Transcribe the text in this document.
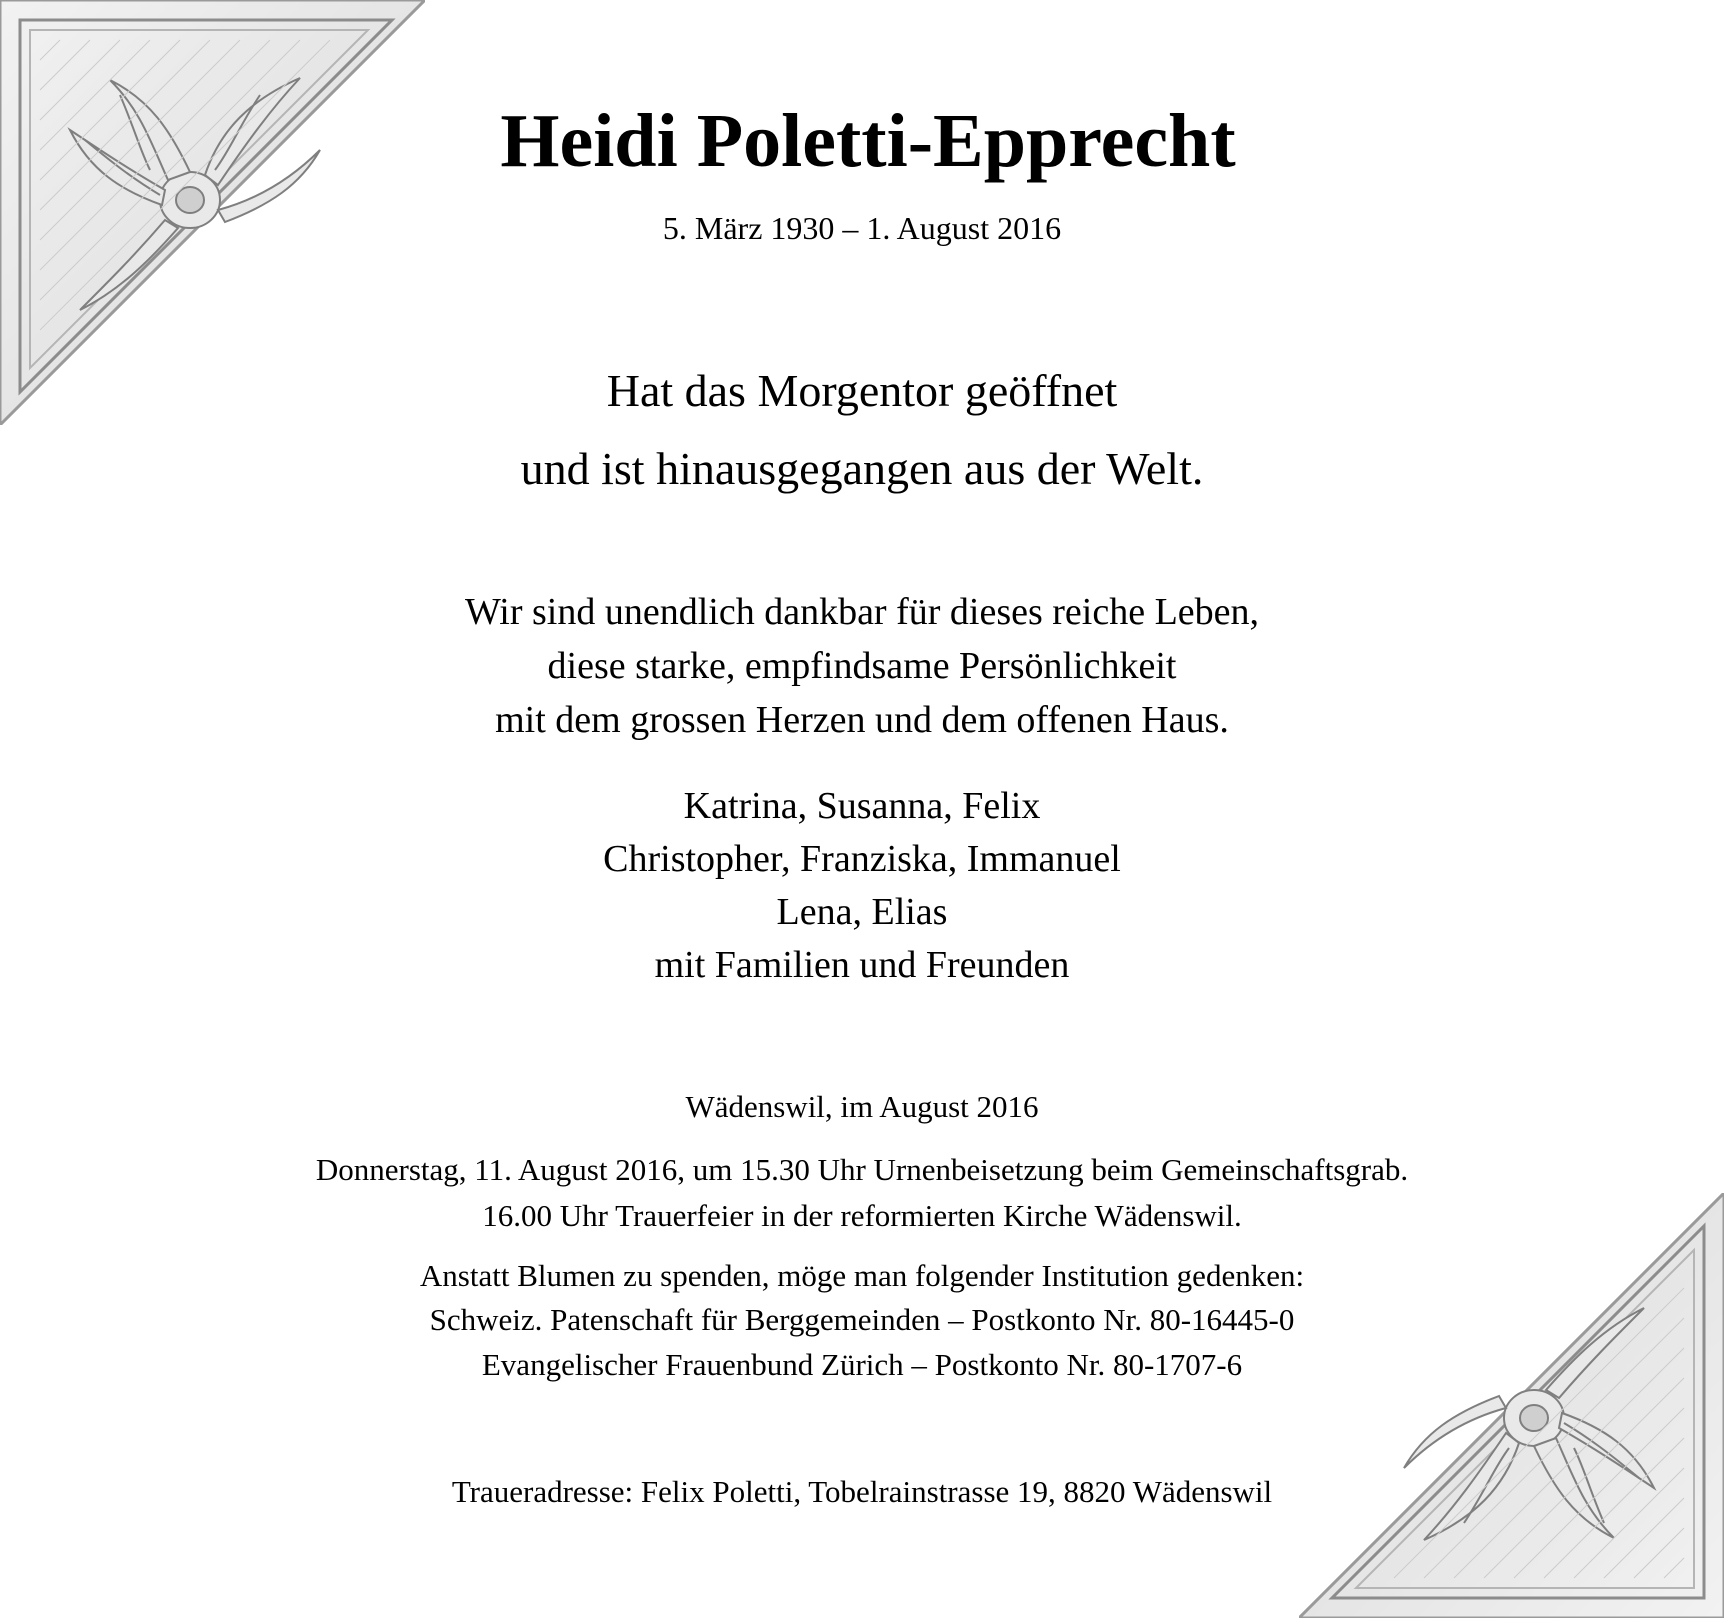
Heidi Poletti-Epprecht
5. März 1930 – 1. August 2016
Hat das Morgentor geöffnet
und ist hinausgegangen aus der Welt.
Wir sind unendlich dankbar für dieses reiche Leben,
diese starke, empfindsame Persönlichkeit
mit dem grossen Herzen und dem offenen Haus.
Katrina, Susanna, Felix
Christopher, Franziska, Immanuel
Lena, Elias
mit Familien und Freunden
Wädenswil, im August 2016
Donnerstag, 11. August 2016, um 15.30 Uhr Urnenbeisetzung beim Gemeinschaftsgrab.
16.00 Uhr Trauerfeier in der reformierten Kirche Wädenswil.
Anstatt Blumen zu spenden, möge man folgender Institution gedenken:
Schweiz. Patenschaft für Berggemeinden – Postkonto Nr. 80-16445-0
Evangelischer Frauenbund Zürich – Postkonto Nr. 80-1707-6
Traueradresse: Felix Poletti, Tobelrainstrasse 19, 8820 Wädenswil
